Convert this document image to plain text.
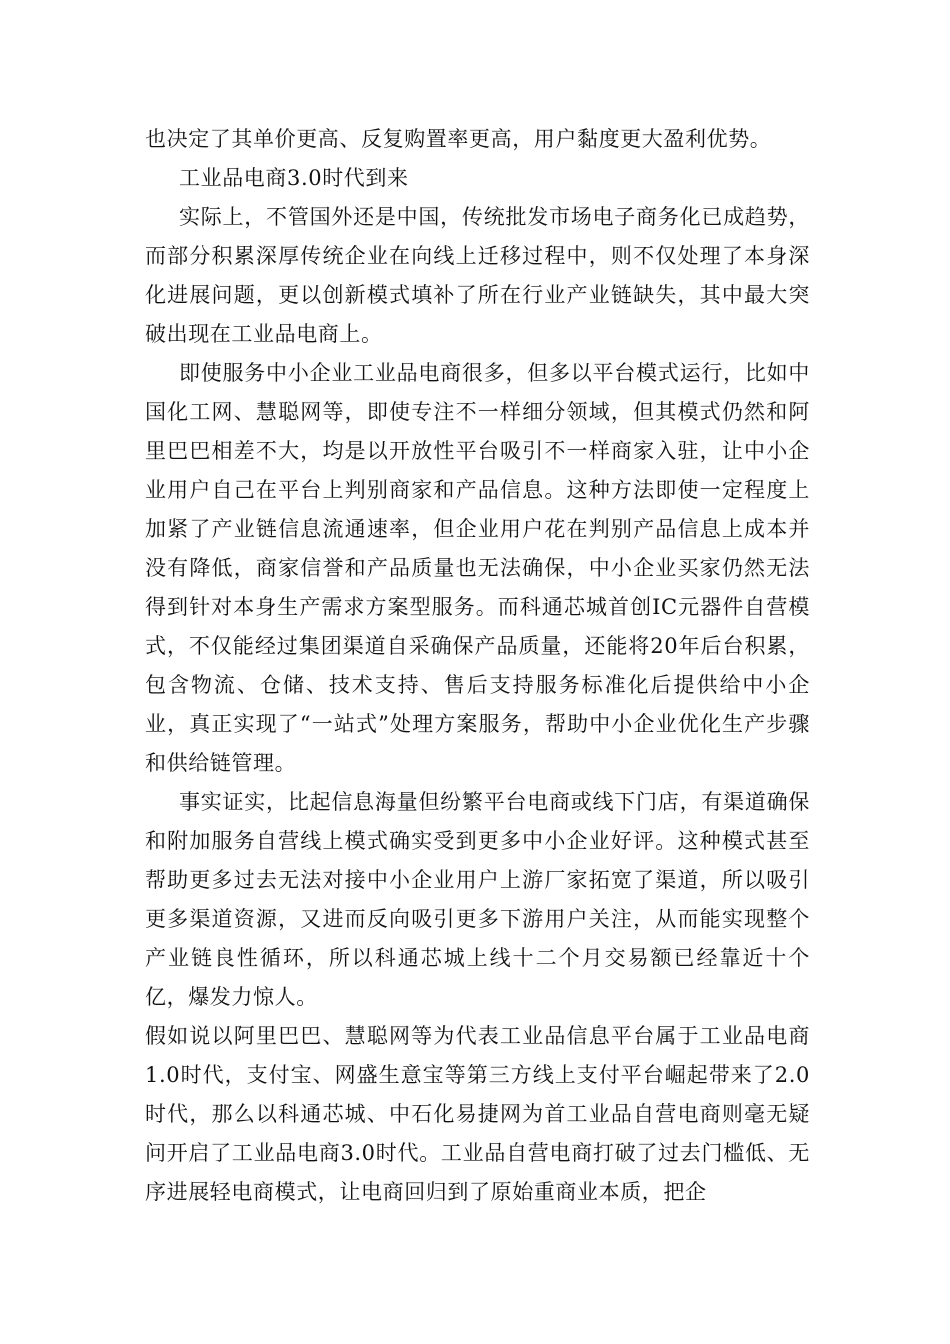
也决定了其单价更高、反复购置率更高，用户黏度更大盈利优势。

工业品电商3.0时代到来

实际上，不管国外还是中国，传统批发市场电子商务化已成趋势，而部分积累深厚传统企业在向线上迁移过程中，则不仅处理了本身深化进展问题，更以创新模式填补了所在行业产业链缺失，其中最大突破出现在工业品电商上。

即使服务中小企业工业品电商很多，但多以平台模式运行，比如中国化工网、慧聪网等，即使专注不一样细分领域，但其模式仍然和阿里巴巴相差不大，均是以开放性平台吸引不一样商家入驻，让中小企业用户自己在平台上判别商家和产品信息。这种方法即使一定程度上加紧了产业链信息流通速率，但企业用户花在判别产品信息上成本并没有降低，商家信誉和产品质量也无法确保，中小企业买家仍然无法得到针对本身生产需求方案型服务。而科通芯城首创IC元器件自营模式，不仅能经过集团渠道自采确保产品质量，还能将20年后台积累，包含物流、仓储、技术支持、售后支持服务标准化后提供给中小企业，真正实现了“一站式”处理方案服务，帮助中小企业优化生产步骤和供给链管理。

事实证实，比起信息海量但纷繁平台电商或线下门店，有渠道确保和附加服务自营线上模式确实受到更多中小企业好评。这种模式甚至帮助更多过去无法对接中小企业用户上游厂家拓宽了渠道，所以吸引更多渠道资源，又进而反向吸引更多下游用户关注，从而能实现整个产业链良性循环，所以科通芯城上线十二个月交易额已经靠近十个亿，爆发力惊人。

假如说以阿里巴巴、慧聪网等为代表工业品信息平台属于工业品电商1.0时代，支付宝、网盛生意宝等第三方线上支付平台崛起带来了2.0时代，那么以科通芯城、中石化易捷网为首工业品自营电商则毫无疑问开启了工业品电商3.0时代。工业品自营电商打破了过去门槛低、无序进展轻电商模式，让电商回归到了原始重商业本质，把企
